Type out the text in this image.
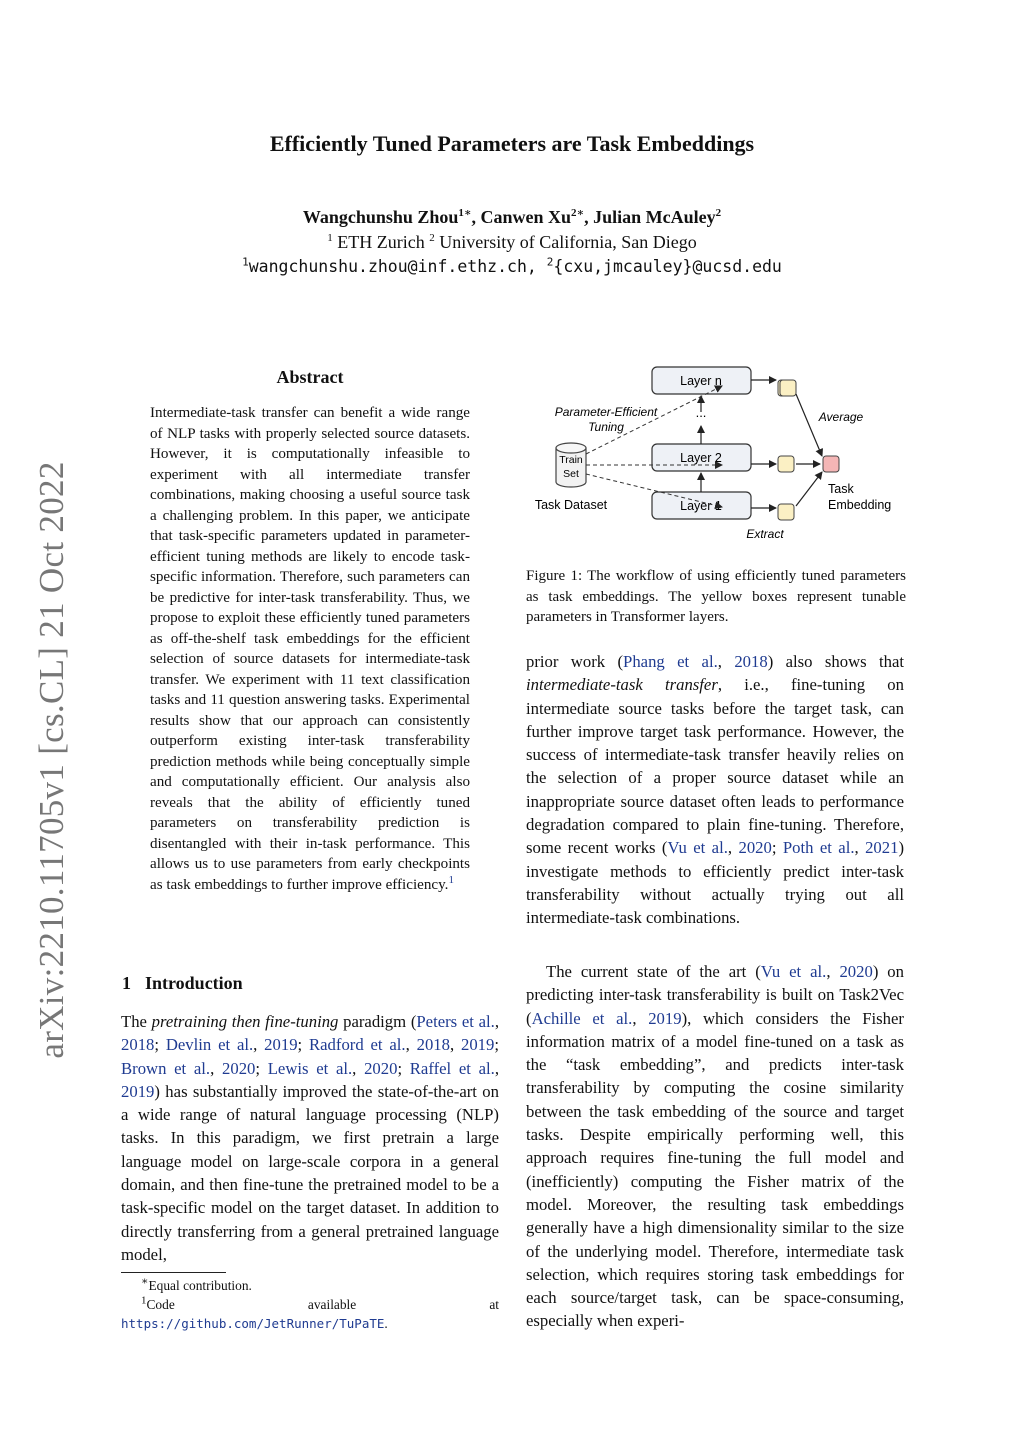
arXiv:2210.11705v1 [cs.CL] 21 Oct 2022
Efficiently Tuned Parameters are Task Embeddings
Wangchunshu Zhou$^{1∗}$, Canwen $Xu^{2∗}$, Julian McAuley$^2$
$^1$ ETH Zurich $^2$ University of California, San Diego
$^1$wangchunshu.zhou@inf.ethz.ch, $^2${cxu,jmcauley}@ucsd.edu
Abstract
Intermediate-task transfer can benefit a wide range of NLP tasks with properly selected source datasets. However, it is computationally infeasible to experiment with all intermediate transfer combinations, making choosing a useful source task a challenging problem. In this paper, we anticipate that task-specific parameters updated in parameter-efficient tuning methods are likely to encode task-specific information. Therefore, such parameters can be predictive for inter-task transferability. Thus, we propose to exploit these efficiently tuned parameters as off-the-shelf task embeddings for the efficient selection of source datasets for intermediate-task transfer. We experiment with 11 text classification tasks and 11 question answering tasks. Experimental results show that our approach can consistently outperform existing inter-task transferability prediction methods while being conceptually simple and computationally efficient. Our analysis also reveals that the ability of efficiently tuned parameters on transferability prediction is disentangled with their in-task performance. This allows us to use parameters from early checkpoints as task embeddings to further improve efficiency.$^1$
1 Introduction
The pretraining then fine-tuning paradigm (Peters et al., 2018; Devlin et al., 2019; Radford et al., 2018, 2019; Brown et al., 2020; Lewis et al., 2020; Raffel et al., 2019) has substantially improved the state-of-the-art on a wide range of natural language processing (NLP) tasks. In this paradigm, we first pretrain a large language model on large-scale corpora in a general domain, and then fine-tune the pretrained model to be a task-specific model on the target dataset. In addition to directly transferring from a general pretrained language model,
∗Equal contribution.
$^1$Code available at https://github.com/JetRunner/TuPaTE.
Layer n
Layer 2
Layer 1
...
Train
Set
Task Dataset
Parameter-Efficient
Tuning
Average
Task
Embedding
Extract
Figure 1: The workflow of using efficiently tuned parameters as task embeddings. The yellow boxes represent tunable parameters in Transformer layers.
prior work (Phang et al., 2018) also shows that intermediate-task transfer, i.e., fine-tuning on intermediate source tasks before the target task, can further improve target task performance. However, the success of intermediate-task transfer heavily relies on the selection of a proper source dataset while an inappropriate source dataset often leads to performance degradation compared to plain fine-tuning. Therefore, some recent works (Vu et al., 2020; Poth et al., 2021) investigate methods to efficiently predict inter-task transferability without actually trying out all intermediate-task combinations.

The current state of the art (Vu et al., 2020) on predicting inter-task transferability is built on Task2Vec (Achille et al., 2019), which considers the Fisher information matrix of a model fine-tuned on a task as the “task embedding”, and predicts inter-task transferability by computing the cosine similarity between the task embedding of the source and target tasks. Despite empirically performing well, this approach requires fine-tuning the full model and (inefficiently) computing the Fisher matrix of the model. Moreover, the resulting task embeddings generally have a high dimensionality similar to the size of the underlying model. Therefore, intermediate task selection, which requires storing task embeddings for each source/target task, can be space-consuming, especially when experi-
